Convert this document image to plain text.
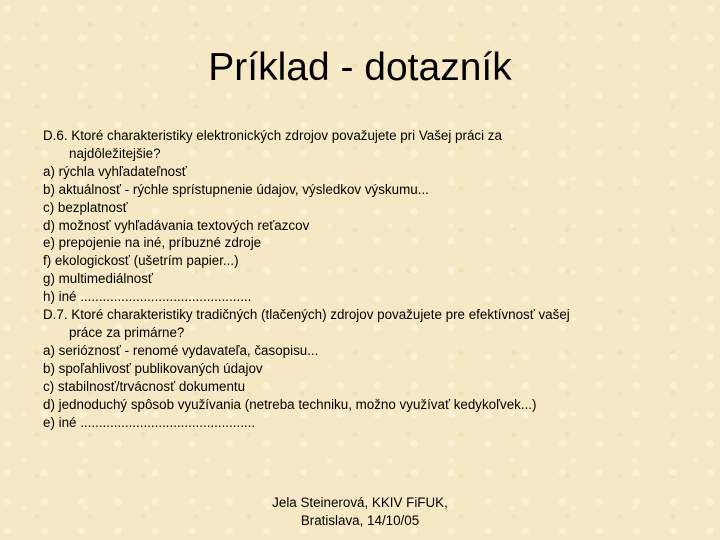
Príklad - dotazník
D.6. Ktoré charakteristiky elektronických zdrojov považujete pri Vašej práci za
najdôležitejšie?
a) rýchla vyhľadateľnosť
b) aktuálnosť - rýchle sprístupnenie údajov, výsledkov výskumu...
c) bezplatnosť
d) možnosť vyhľadávania textových reťazcov
e) prepojenie na iné, príbuzné zdroje
f) ekologickosť (ušetrím papier...)
g) multimediálnosť
h) iné ..............................................
D.7. Ktoré charakteristiky tradičných (tlačených) zdrojov považujete pre efektívnosť vašej
práce za primárne?
a) serióznosť - renomé vydavateľa, časopisu...
b) spoľahlivosť publikovaných údajov
c) stabilnosť/trvácnosť dokumentu
d) jednoduchý spôsob využívania (netreba techniku, možno využívať kedykoľvek...)
e) iné ...............................................
Jela Steinerová, KKIV FiFUK,
Bratislava, 14/10/05
